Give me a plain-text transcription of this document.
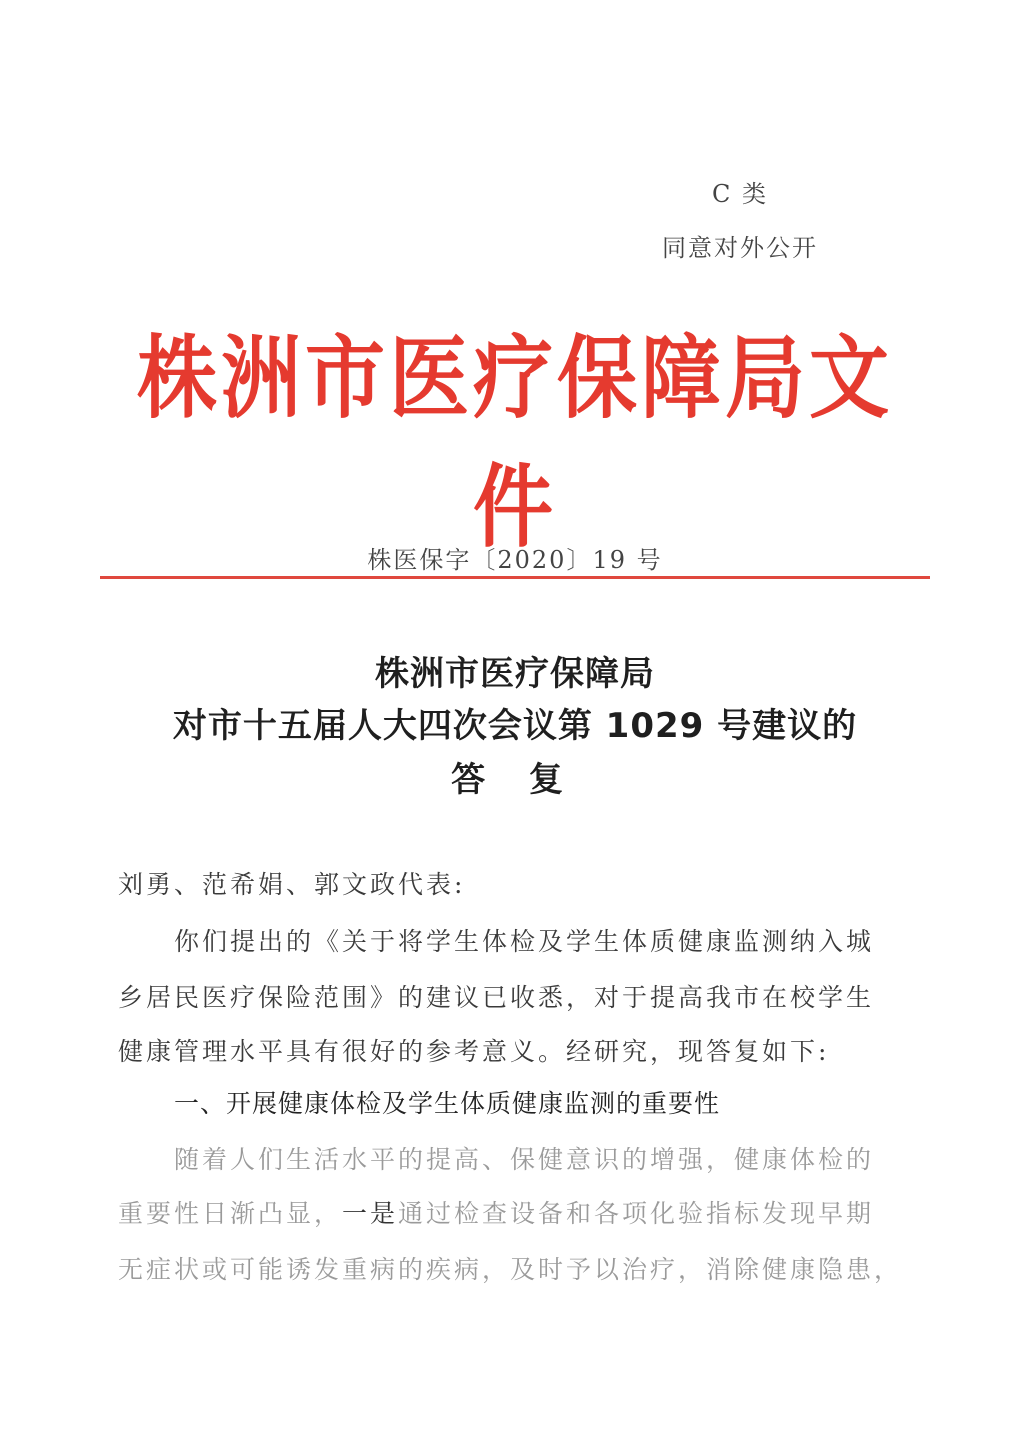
C 类
同意对外公开
株洲市医疗保障局文件
株医保字〔2020〕19 号
株洲市医疗保障局
对市十五届人大四次会议第 1029 号建议的
答 复
刘勇、范希娟、郭文政代表:
你们提出的《关于将学生体检及学生体质健康监测纳入城
乡居民医疗保险范围》的建议已收悉，对于提高我市在校学生
健康管理水平具有很好的参考意义。经研究，现答复如下:
一、开展健康体检及学生体质健康监测的重要性
随着人们生活水平的提高、保健意识的增强，健康体检的
重要性日渐凸显，一是通过检查设备和各项化验指标发现早期
无症状或可能诱发重病的疾病，及时予以治疗，消除健康隐患，
